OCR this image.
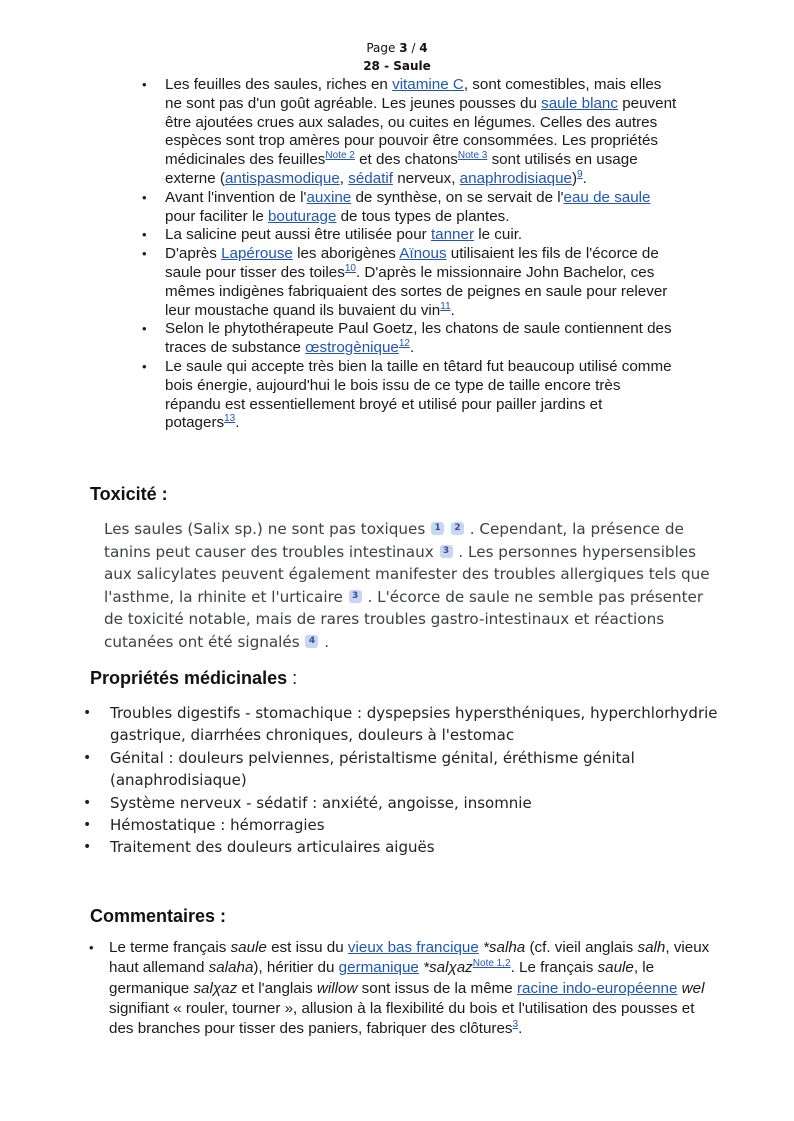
Page 3 / 4
28 - Saule
• Les feuilles des saules, riches en vitamine C, sont comestibles, mais elles ne sont pas d'un goût agréable. Les jeunes pousses du saule blanc peuvent être ajoutées crues aux salades, ou cuites en légumes. Celles des autres espèces sont trop amères pour pouvoir être consommées. Les propriétés médicinales des feuilles$^{Note 2}$ et des chatons$^{Note 3}$ sont utilisés en usage externe (antispasmodique, sédatif nerveux, anaphrodisiaque)$^9$.
• Avant l'invention de l'auxine de synthèse, on se servait de l'eau de saule pour faciliter le bouturage de tous types de plantes.
• La salicine peut aussi être utilisée pour tanner le cuir.
• D'après Lapérouse les aborigènes Aïnous utilisaient les fils de l'écorce de saule pour tisser des toiles$^{10}$. D'après le missionnaire John Bachelor, ces mêmes indigènes fabriquaient des sortes de peignes en saule pour relever leur moustache quand ils buvaient du vin$^{11}$.
• Selon le phytothérapeute Paul Goetz, les chatons de saule contiennent des traces de substance œstrogènique$^{12}$.
• Le saule qui accepte très bien la taille en têtard fut beaucoup utilisé comme bois énergie, aujourd'hui le bois issu de ce type de taille encore très répandu est essentiellement broyé et utilisé pour pailler jardins et potagers$^{13}$.
Toxicité :
Les saules (Salix sp.) ne sont pas toxiques 1 2 . Cependant, la présence de tanins peut causer des troubles intestinaux 3 . Les personnes hypersensibles aux salicylates peuvent également manifester des troubles allergiques tels que l'asthme, la rhinite et l'urticaire 3 . L'écorce de saule ne semble pas présenter de toxicité notable, mais de rares troubles gastro-intestinaux et réactions cutanées ont été signalés 4 .
Propriétés médicinales :
• Troubles digestifs - stomachique : dyspepsies hypersthéniques, hyperchlorhydrie gastrique, diarrhées chroniques, douleurs à l'estomac
• Génital : douleurs pelviennes, péristaltisme génital, éréthisme génital (anaphrodisiaque)
• Système nerveux - sédatif : anxiété, angoisse, insomnie
• Hémostatique : hémorragies
• Traitement des douleurs articulaires aiguës
Commentaires :
• Le terme français saule est issu du vieux bas francique *salha (cf. vieil anglais salh, vieux haut allemand salaha), héritier du germanique *salχaz$^{Note 1,2}$. Le français saule, le germanique salχaz et l'anglais willow sont issus de la même racine indo-européenne wel signifiant « rouler, tourner », allusion à la flexibilité du bois et l'utilisation des pousses et des branches pour tisser des paniers, fabriquer des clôtures$^3$.
